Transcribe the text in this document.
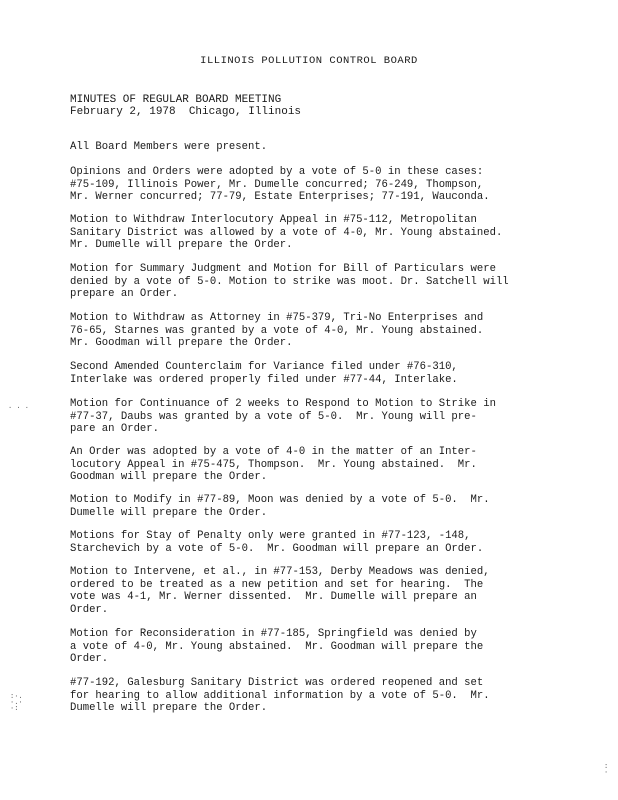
ILLINOIS POLLUTION CONTROL BOARD
MINUTES OF REGULAR BOARD MEETING
February 2, 1978  Chicago, Illinois
All Board Members were present.
Opinions and Orders were adopted by a vote of 5-0 in these cases:
#75-109, Illinois Power, Mr. Dumelle concurred; 76-249, Thompson,
Mr. Werner concurred; 77-79, Estate Enterprises; 77-191, Wauconda.
Motion to Withdraw Interlocutory Appeal in #75-112, Metropolitan
Sanitary District was allowed by a vote of 4-0, Mr. Young abstained.
Mr. Dumelle will prepare the Order.
Motion for Summary Judgment and Motion for Bill of Particulars were
denied by a vote of 5-0. Motion to strike was moot. Dr. Satchell will
prepare an Order.
Motion to Withdraw as Attorney in #75-379, Tri-No Enterprises and
76-65, Starnes was granted by a vote of 4-0, Mr. Young abstained.
Mr. Goodman will prepare the Order.
Second Amended Counterclaim for Variance filed under #76-310,
Interlake was ordered properly filed under #77-44, Interlake.
Motion for Continuance of 2 weeks to Respond to Motion to Strike in
#77-37, Daubs was granted by a vote of 5-0.  Mr. Young will pre-
pare an Order.
An Order was adopted by a vote of 4-0 in the matter of an Inter-
locutory Appeal in #75-475, Thompson.  Mr. Young abstained.  Mr.
Goodman will prepare the Order.
Motion to Modify in #77-89, Moon was denied by a vote of 5-0.  Mr.
Dumelle will prepare the Order.
Motions for Stay of Penalty only were granted in #77-123, -148,
Starchevich by a vote of 5-0.  Mr. Goodman will prepare an Order.
Motion to Intervene, et al., in #77-153, Derby Meadows was denied,
ordered to be treated as a new petition and set for hearing.  The
vote was 4-1, Mr. Werner dissented.  Mr. Dumelle will prepare an
Order.
Motion for Reconsideration in #77-185, Springfield was denied by
a vote of 4-0, Mr. Young abstained.  Mr. Goodman will prepare the
Order.
#77-192, Galesburg Sanitary District was ordered reopened and set
for hearing to allow additional information by a vote of 5-0.  Mr.
Dumelle will prepare the Order.
. . .
:·.
·.·
·:
:
·
